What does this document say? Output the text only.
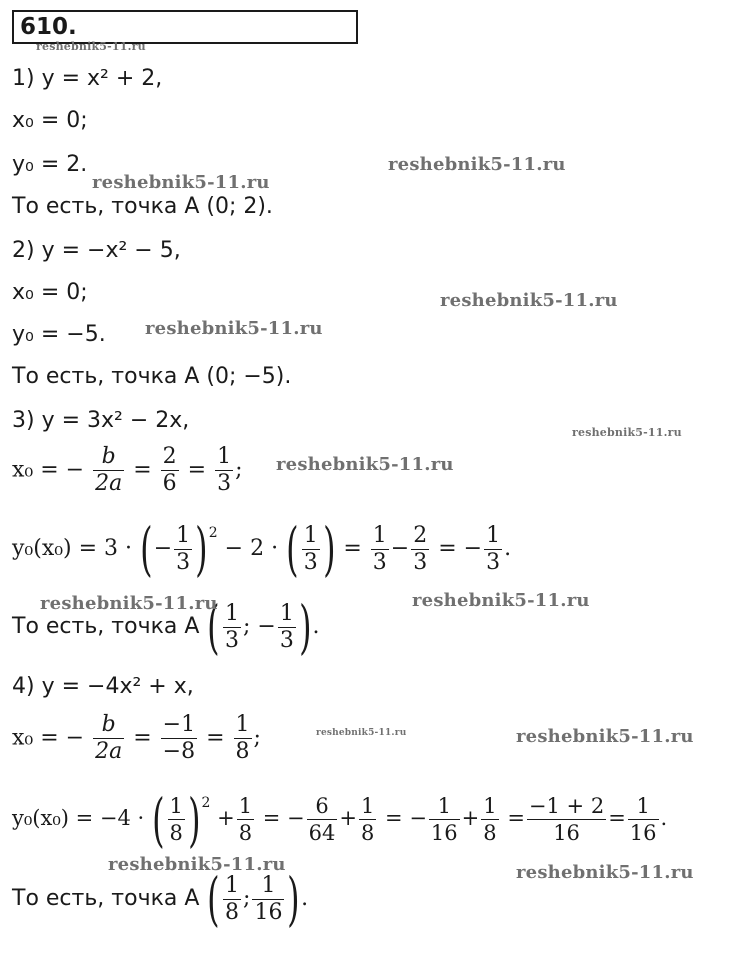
610.
1) y = x² + 2,
x₀ = 0;
y₀ = 2.
То есть, точка A (0; 2).
2) y = −x² − 5,
x₀ = 0;
y₀ = −5.
То есть, точка A (0; −5).
3) y = 3x² − 2x,
x₀ = − $\frac{b}{2a} = \frac{2}{6} = \frac{1}{3}$ ;
y₀(x₀) = 3 · (− $\frac{1}{3} )^2 - 2$ · ( $\frac{1}{3}$ ) = $\frac{1}{3} - \frac{2}{3}$ = − $\frac{1}{3}$ .
То есть, точка A ( $\frac{1}{3}$ ; − $\frac{1}{3}$ ).
4) y = −4x² + x,
x₀ = − $\frac{b}{2a} = \frac{-1}{-8} = \frac{1}{8}$ ;
y₀(x₀) = −4 · ( $\frac{1}{8} )^2 + \frac{1}{8}$ = − $\frac{6}{64} + \frac{1}{8}$ = − $\frac{1}{16} + \frac{1}{8} = \frac{-1 + 2}{16} = \frac{1}{16}$ .
То есть, точка A ( $\frac{1}{8}$ ; $\frac{1}{16}$ ).
reshebnik5-11.ru
reshebnik5-11.ru
reshebnik5-11.ru
reshebnik5-11.ru
reshebnik5-11.ru
reshebnik5-11.ru
reshebnik5-11.ru
reshebnik5-11.ru	reshebnik5-11.ru
reshebnik5-11.ru	reshebnik5-11.ru
reshebnik5-11.ru	reshebnik5-11.ru
